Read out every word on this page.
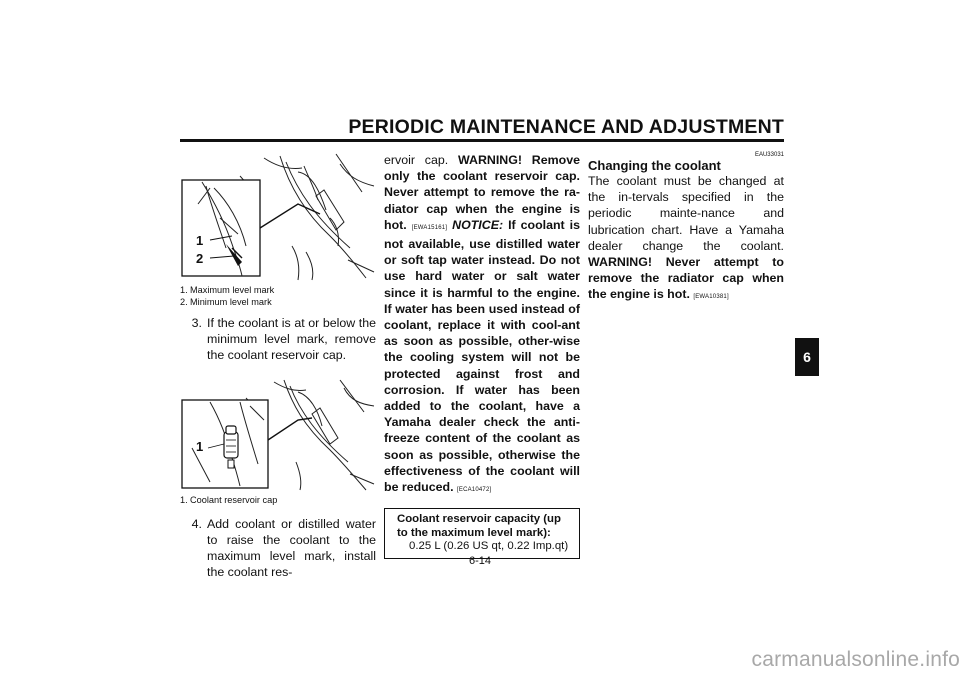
PERIODIC MAINTENANCE AND ADJUSTMENT
6
6-14
1
2
1. Maximum level mark
2. Minimum level mark
3. If the coolant is at or below the minimum level mark, remove the coolant reservoir cap.
1
1. Coolant reservoir cap
4. Add coolant or distilled water to raise the coolant to the maximum level mark, install the coolant res-
ervoir cap. WARNING! Remove only the coolant reservoir cap. Never attempt to remove the ra-diator cap when the engine is hot. [EWA15161] NOTICE: If coolant is not available, use distilled water or soft tap water instead. Do not use hard water or salt water since it is harmful to the engine. If water has been used instead of coolant, replace it with cool-ant as soon as possible, other-wise the cooling system will not be protected against frost and corrosion. If water has been added to the coolant, have a Yamaha dealer check the anti-freeze content of the coolant as soon as possible, otherwise the effectiveness of the coolant will be reduced. [ECA10472]
Coolant reservoir capacity (up to the maximum level mark):
0.25 L (0.26 US qt, 0.22 Imp.qt)
EAU33031
Changing the coolant
The coolant must be changed at the in-tervals specified in the periodic mainte-nance and lubrication chart. Have a Yamaha dealer change the coolant. WARNING! Never attempt to remove the radiator cap when the engine is hot. [EWA10381]
carmanualsonline.info
